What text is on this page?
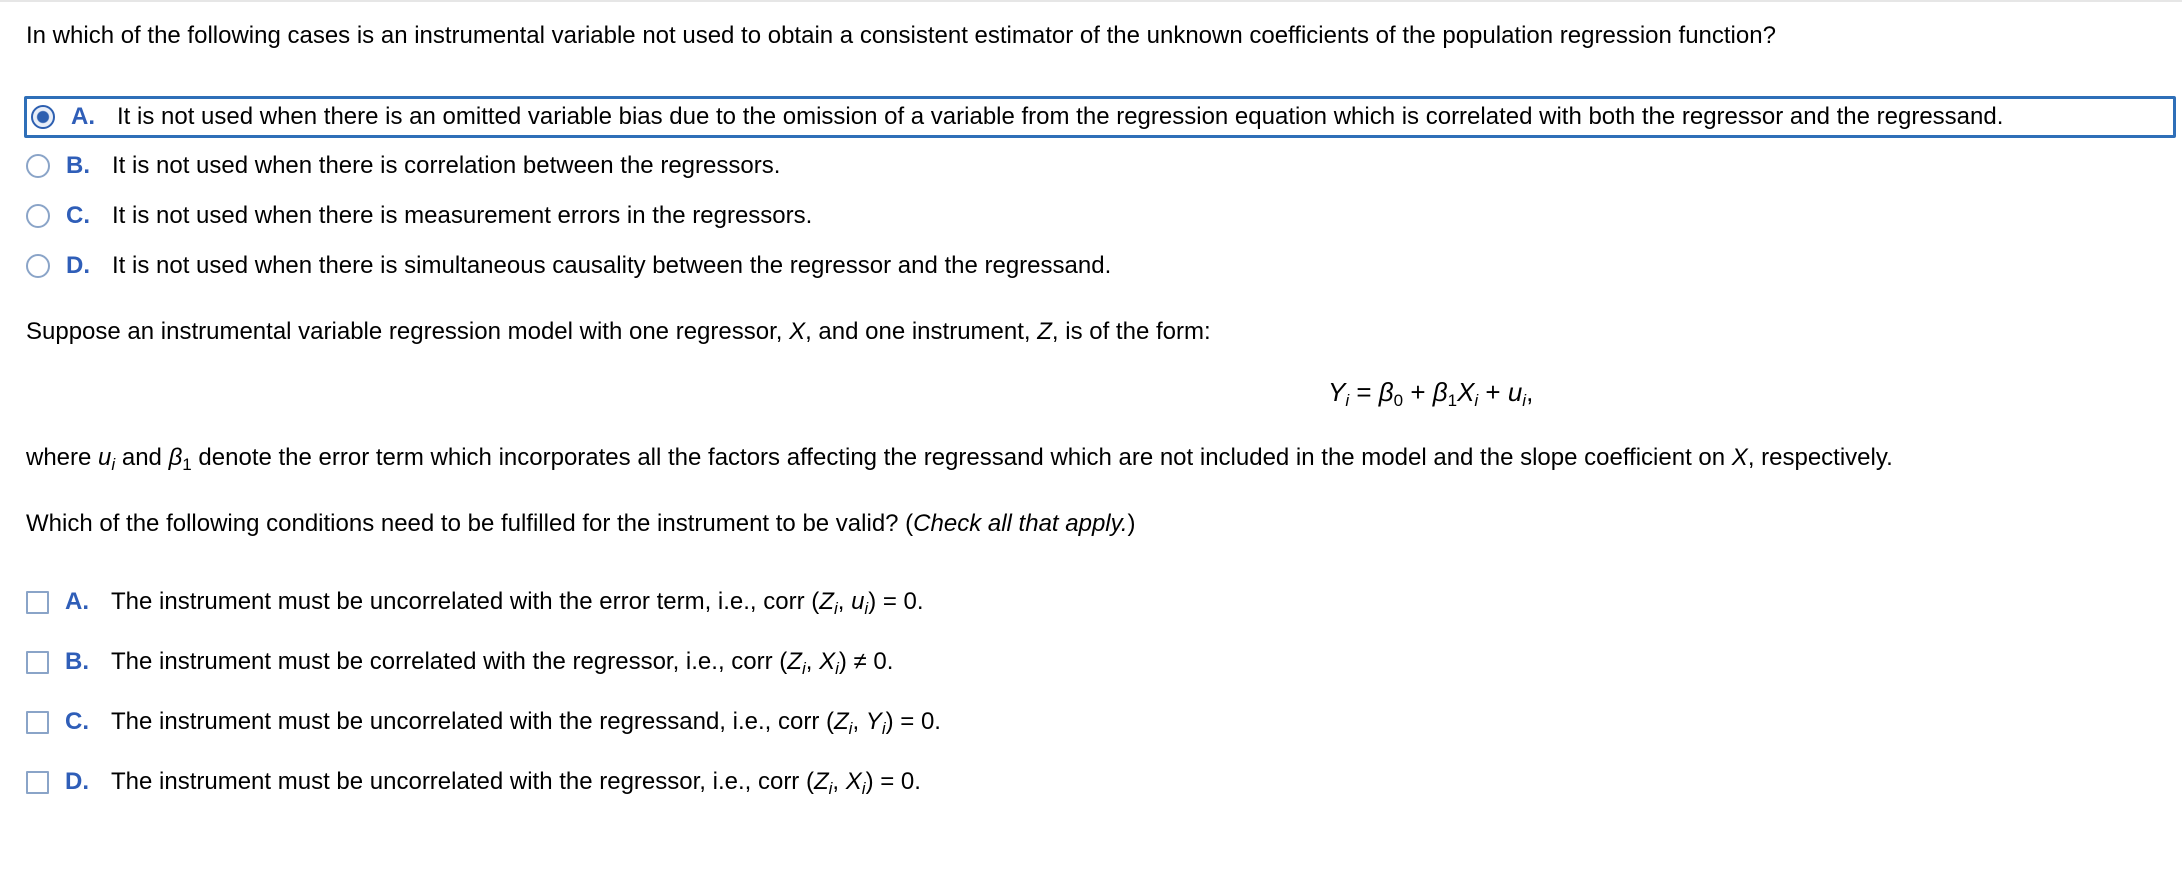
In which of the following cases is an instrumental variable not used to obtain a consistent estimator of the unknown coefficients of the population regression function?
A. It is not used when there is an omitted variable bias due to the omission of a variable from the regression equation which is correlated with both the regressor and the regressand.
B. It is not used when there is correlation between the regressors.
C. It is not used when there is measurement errors in the regressors.
D. It is not used when there is simultaneous causality between the regressor and the regressand.
Suppose an instrumental variable regression model with one regressor, X, and one instrument, Z, is of the form:
$Y_i = \beta_0 + \beta_1X_i + u_i$,
where $u_i$ and $\beta_1$ denote the error term which incorporates all the factors affecting the regressand which are not included in the model and the slope coefficient on X, respectively.
Which of the following conditions need to be fulfilled for the instrument to be valid? (Check all that apply.)
A. The instrument must be uncorrelated with the error term, i.e., corr ($Z_i$, $u_i) = 0$.
B. The instrument must be correlated with the regressor, i.e., corr ($Z_i$, $X_i) \ne 0$.
C. The instrument must be uncorrelated with the regressand, i.e., corr ($Z_i$, $Y_i) = 0$.
D. The instrument must be uncorrelated with the regressor, i.e., corr ($Z_i$, $X_i) = 0$.
